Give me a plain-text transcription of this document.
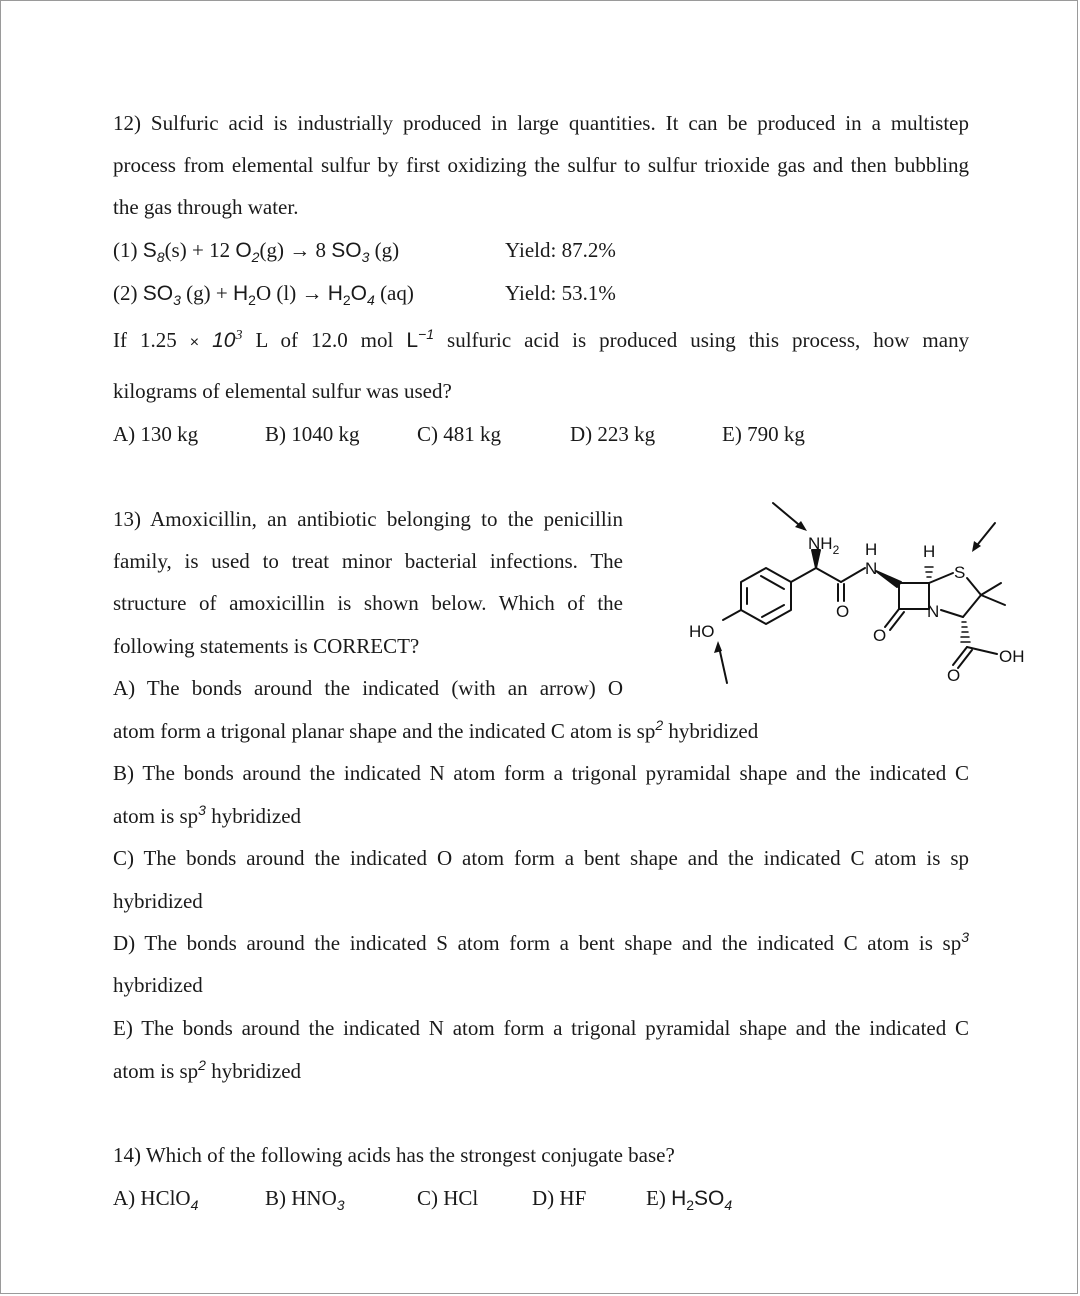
12) Sulfuric acid is industrially produced in large quantities. It can be produced in a multistep
process from elemental sulfur by first oxidizing the sulfur to sulfur trioxide gas and then bubbling
the gas through water.
(1) $S_8(s) + 12$ $O_2(g) \to 8$ $SO_3$ (g)	Yield: 87.2%
(2) $SO_3$ $(g) + H_2O$ $(l) \to H_2O_4$ (aq)	Yield: 53.1%
If $1.25 \times 10^3$ L of 12.0 mol $L^{-1}$ sulfuric acid is produced using this process, how many
kilograms of elemental sulfur was used?
A) 130 kg	B) 1040 kg	C) 481 kg	D) 223 kg	E) 790 kg
13) Amoxicillin, an antibiotic belonging to the penicillin
family, is used to treat minor bacterial infections. The
structure of amoxicillin is shown below. Which of the
following statements is CORRECT?
A) The bonds around the indicated (with an arrow) O
atom form a trigonal planar shape and the indicated C atom is $sp^2$ hybridized
B) The bonds around the indicated N atom form a trigonal pyramidal shape and the indicated C
atom is $sp^3$ hybridized
C) The bonds around the indicated O atom form a bent shape and the indicated C atom is sp
hybridized
D) The bonds around the indicated S atom form a bent shape and the indicated C atom is $sp^3$
hybridized
E) The bonds around the indicated N atom form a trigonal pyramidal shape and the indicated C
atom is $sp^2$ hybridized
$NH_2$ H
N
H
S
N
O
O
O
HO
OH
14) Which of the following acids has the strongest conjugate base?
A) HClO$_4$	B) $HNO_3$	C) HCl	D) HF	E) $H_2SO_4$
